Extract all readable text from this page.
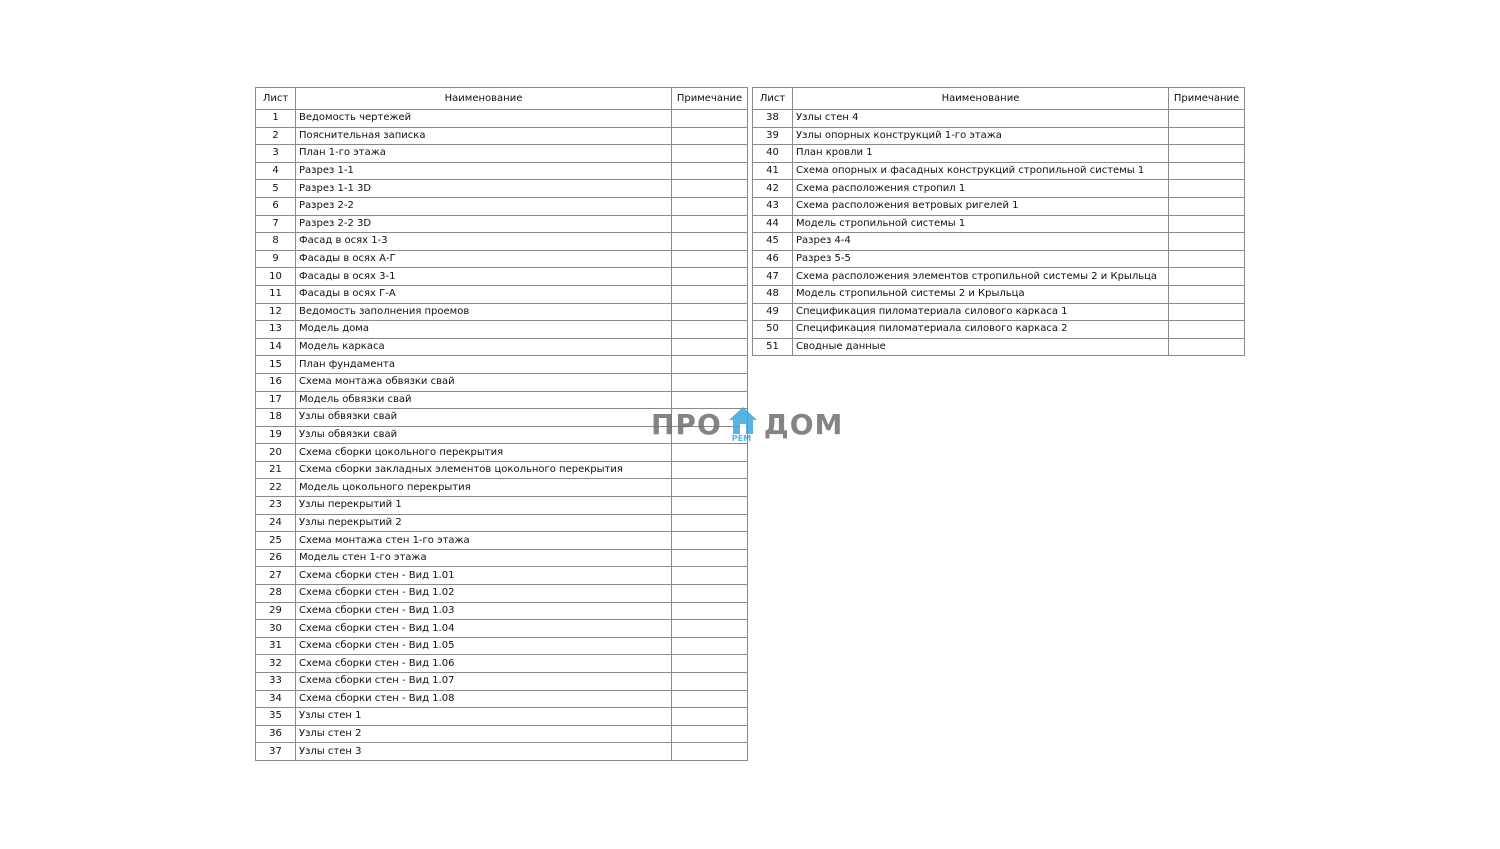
Лист	Наименование	Примечание
1	Ведомость чертежей	
2	Пояснительная записка	
3	План 1-го этажа	
4	Разрез 1-1	
5	Разрез 1-1 3D	
6	Разрез 2-2	
7	Разрез 2-2 3D	
8	Фасад в осях 1-3	
9	Фасады в осях А-Г	
10	Фасады в осях 3-1	
11	Фасады в осях Г-А	
12	Ведомость заполнения проемов	
13	Модель дома	
14	Модель каркаса	
15	План фундамента	
16	Схема монтажа обвязки свай	
17	Модель обвязки свай	
18	Узлы обвязки свай	
19	Узлы обвязки свай	
20	Схема сборки цокольного перекрытия	
21	Схема сборки закладных элементов цокольного перекрытия	
22	Модель цокольного перекрытия	
23	Узлы перекрытий 1	
24	Узлы перекрытий 2	
25	Схема монтажа стен 1-го этажа	
26	Модель стен 1-го этажа	
27	Схема сборки стен - Вид 1.01	
28	Схема сборки стен - Вид 1.02	
29	Схема сборки стен - Вид 1.03	
30	Схема сборки стен - Вид 1.04	
31	Схема сборки стен - Вид 1.05	
32	Схема сборки стен - Вид 1.06	
33	Схема сборки стен - Вид 1.07	
34	Схема сборки стен - Вид 1.08	
35	Узлы стен 1	
36	Узлы стен 2	
37	Узлы стен 3	
Лист	Наименование	Примечание
38	Узлы стен 4	
39	Узлы опорных конструкций 1-го этажа	
40	План кровли 1	
41	Схема опорных и фасадных конструкций стропильной системы 1	
42	Схема расположения стропил 1	
43	Схема расположения ветровых ригелей 1	
44	Модель стропильной системы 1	
45	Разрез 4-4	
46	Разрез 5-5	
47	Схема расположения элементов стропильной системы 2 и Крыльца	
48	Модель стропильной системы 2 и Крыльца	
49	Спецификация пиломатериала силового каркаса 1	
50	Спецификация пиломатериала силового каркаса 2	
51	Сводные данные	
ПРО РЕМ ДОМ
